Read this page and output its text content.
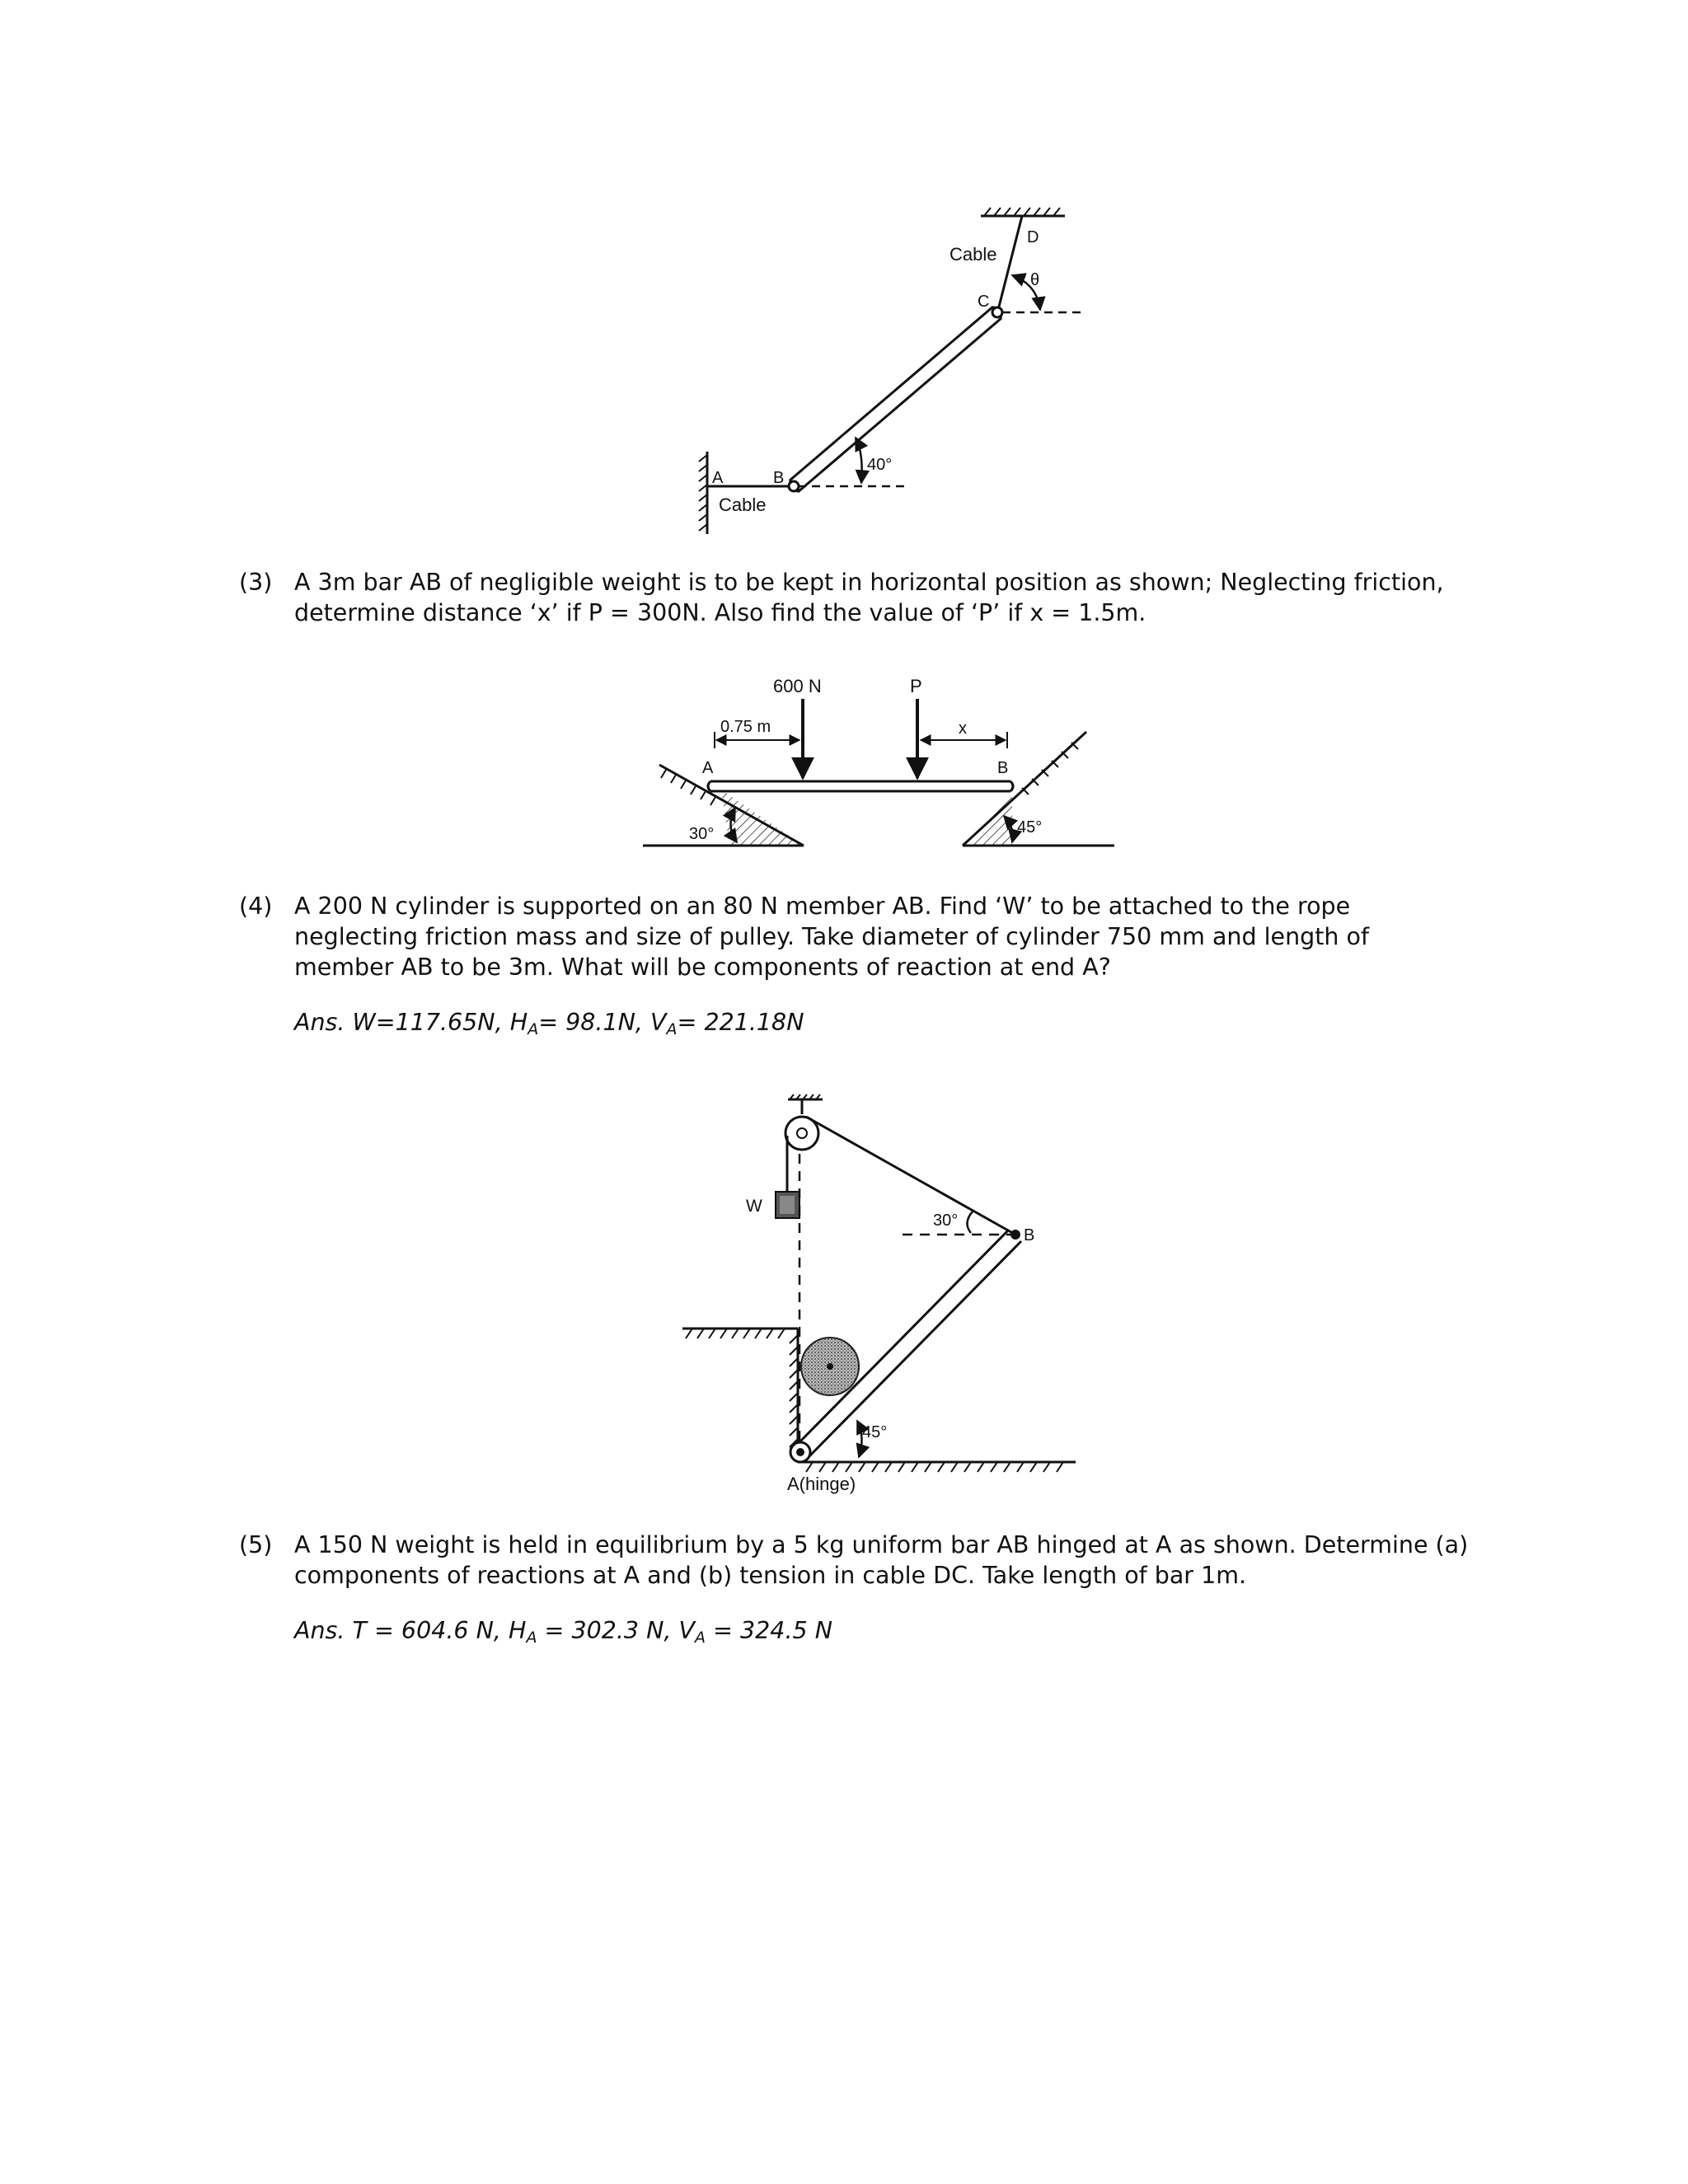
Cable
D
C
θ
A	B
Cable
40°
(3) A 3m bar AB of negligible weight is to be kept in horizontal position as shown; Neglecting friction, determine distance ‘x’ if P = 300N. Also find the value of ‘P’ if x = 1.5m.
600 N	P
0.75 m	x
A	B
30°	45°
(4) A 200 N cylinder is supported on an 80 N member AB. Find ‘W’ to be attached to the rope neglecting friction mass and size of pulley. Take diameter of cylinder 750 mm and length of member AB to be 3m. What will be components of reaction at end A?
Ans. W=117.65N, $H_A= 98.1N$, $V_A= 221.18N$
W
30°
B
45°
A(hinge)
(5) A 150 N weight is held in equilibrium by a 5 kg uniform bar AB hinged at A as shown. Determine (a) components of reactions at A and (b) tension in cable DC. Take length of bar 1m.
Ans. T = 604.6 N, $H_A = 302.3$ N, $V_A = 324.5$ N
